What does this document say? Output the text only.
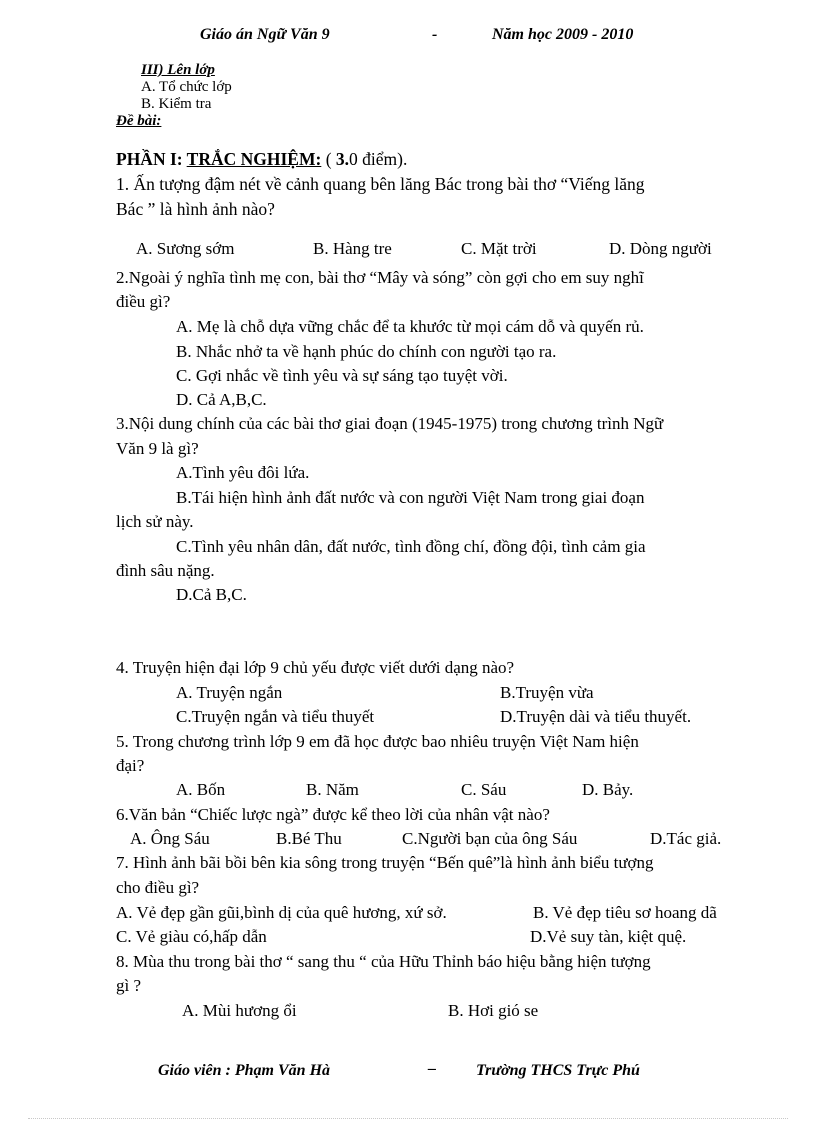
Giáo án Ngữ Văn 9	-	Năm học 2009 - 2010
III) Lên lớp
A. Tổ chức lớp
B. Kiểm tra
Đề bài:
PHẦN I: TRẮC NGHIỆM: ( 3.0 điểm).
1. Ấn tượng đậm nét về cảnh quang bên lăng Bác trong bài thơ “Viếng lăng
Bác ” là hình ảnh nào?
A. Sương sớm	B. Hàng tre	C. Mặt trời	D. Dòng người
2.Ngoài ý nghĩa tình mẹ con, bài thơ “Mây và sóng” còn gợi cho em suy nghĩ
điều gì?
A. Mẹ là chỗ dựa vững chắc để ta khước từ mọi cám dỗ và quyến rủ.
B. Nhắc nhở ta về hạnh phúc do chính con người tạo ra.
C. Gợi nhắc về tình yêu và sự sáng tạo tuyệt vời.
D. Cả A,B,C.
3.Nội dung chính của các bài thơ giai đoạn (1945-1975) trong chương trình Ngữ
Văn 9 là gì?
A.Tình yêu đôi lứa.
B.Tái hiện hình ảnh đất nước và con người Việt Nam trong giai đoạn
lịch sử này.
C.Tình yêu nhân dân, đất nước, tình đồng chí, đồng đội, tình cảm gia
đình sâu nặng.
D.Cả B,C.
4. Truyện hiện đại lớp 9 chủ yếu được viết dưới dạng nào?
A. Truyện ngắn	B.Truyện vừa
C.Truyện ngắn và tiểu thuyết	D.Truyện dài và tiểu thuyết.
5. Trong chương trình lớp 9 em đã học được bao nhiêu truyện Việt Nam hiện
đại?
A. Bốn	B. Năm	C. Sáu	D. Bảy.
6.Văn bản “Chiếc lược ngà” được kể theo lời của nhân vật nào?
A. Ông Sáu	B.Bé Thu	C.Người bạn của ông Sáu	D.Tác giả.
7. Hình ảnh bãi bồi bên kia sông trong truyện “Bến quê”là hình ảnh biểu tượng
cho điều gì?
A. Vẻ đẹp gần gũi,bình dị của quê hương, xứ sở.	B. Vẻ đẹp tiêu sơ hoang dã
C. Vẻ giàu có,hấp dẫn	D.Vẻ suy tàn, kiệt quệ.
8. Mùa thu trong bài thơ “ sang thu “ của Hữu Thỉnh báo hiệu bằng hiện tượng
gì ?
A. Mùi hương ổi	B. Hơi gió se
Giáo viên : Phạm Văn Hà	–	Trường THCS Trực Phú
